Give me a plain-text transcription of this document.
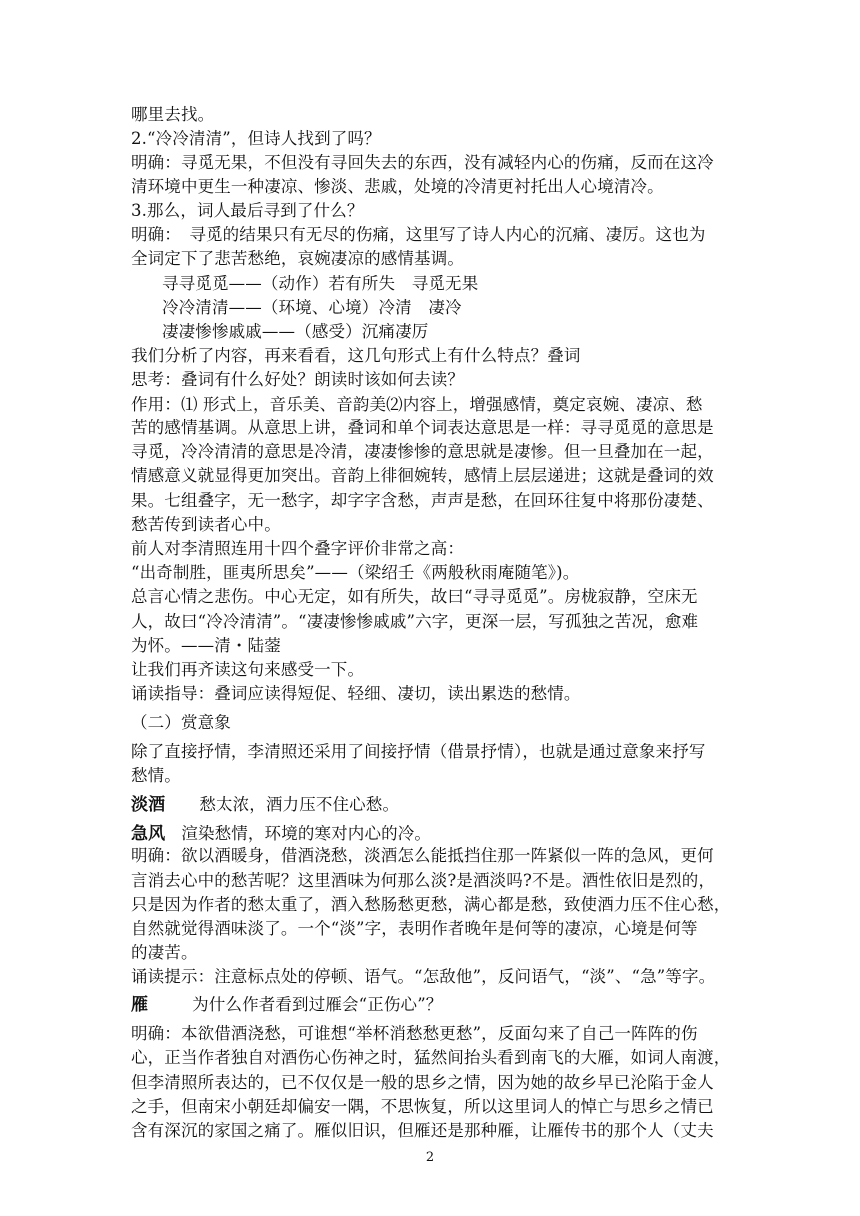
哪里去找。
2.“冷冷清清”，但诗人找到了吗？
明确：寻觅无果，不但没有寻回失去的东西，没有减轻内心的伤痛，反而在这冷
清环境中更生一种凄凉、惨淡、悲戚，处境的冷清更衬托出人心境清冷。
3.那么，词人最后寻到了什么？
明确：　寻觅的结果只有无尽的伤痛，这里写了诗人内心的沉痛、凄厉。这也为
全词定下了悲苦愁绝，哀婉凄凉的感情基调。
寻寻觅觅——（动作）若有所失　寻觅无果
冷冷清清——（环境、心境）冷清　凄冷
凄凄惨惨戚戚——（感受）沉痛凄厉
我们分析了内容，再来看看，这几句形式上有什么特点？叠词
思考：叠词有什么好处？朗读时该如何去读？
作用：⑴ 形式上，音乐美、音韵美⑵内容上，增强感情，奠定哀婉、凄凉、愁
苦的感情基调。从意思上讲，叠词和单个词表达意思是一样：寻寻觅觅的意思是
寻觅，冷冷清清的意思是冷清，凄凄惨惨的意思就是凄惨。但一旦叠加在一起，
情感意义就显得更加突出。音韵上徘徊婉转，感情上层层递进；这就是叠词的效
果。七组叠字，无一愁字，却字字含愁，声声是愁，在回环往复中将那份凄楚、
愁苦传到读者心中。
前人对李清照连用十四个叠字评价非常之高：
“出奇制胜，匪夷所思矣”——（梁绍壬《两般秋雨庵随笔》)。
总言心情之悲伤。中心无定，如有所失，故曰“寻寻觅觅”。房栊寂静，空床无
人，故曰“冷冷清清”。“凄凄惨惨戚戚”六字，更深一层，写孤独之苦况，愈难
为怀。——清・陆蓥
让我们再齐读这句来感受一下。
诵读指导：叠词应读得短促、轻细、凄切，读出累迭的愁情。
（二）赏意象
除了直接抒情，李清照还采用了间接抒情（借景抒情），也就是通过意象来抒写
愁情。
淡酒 愁太浓，酒力压不住心愁。
急风 渲染愁情，环境的寒对内心的冷。
明确：欲以酒暖身，借酒浇愁，淡酒怎么能抵挡住那一阵紧似一阵的急风，更何
言消去心中的愁苦呢？这里酒味为何那么淡?是酒淡吗?不是。酒性依旧是烈的，
只是因为作者的愁太重了，酒入愁肠愁更愁，满心都是愁，致使酒力压不住心愁，
自然就觉得酒味淡了。一个“淡”字，表明作者晚年是何等的凄凉，心境是何等
的凄苦。
诵读提示：注意标点处的停顿、语气。“怎敌他”，反问语气，“淡”、“急”等字。
雁	为什么作者看到过雁会“正伤心”？
明确：本欲借酒浇愁，可谁想“举杯消愁愁更愁”，反面勾来了自己一阵阵的伤
心，正当作者独自对酒伤心伤神之时，猛然间抬头看到南飞的大雁，如词人南渡，
但李清照所表达的，已不仅仅是一般的思乡之情，因为她的故乡早已沦陷于金人
之手，但南宋小朝廷却偏安一隅，不思恢复，所以这里词人的悼亡与思乡之情已
含有深沉的家国之痛了。雁似旧识，但雁还是那种雁，让雁传书的那个人（丈夫
2
